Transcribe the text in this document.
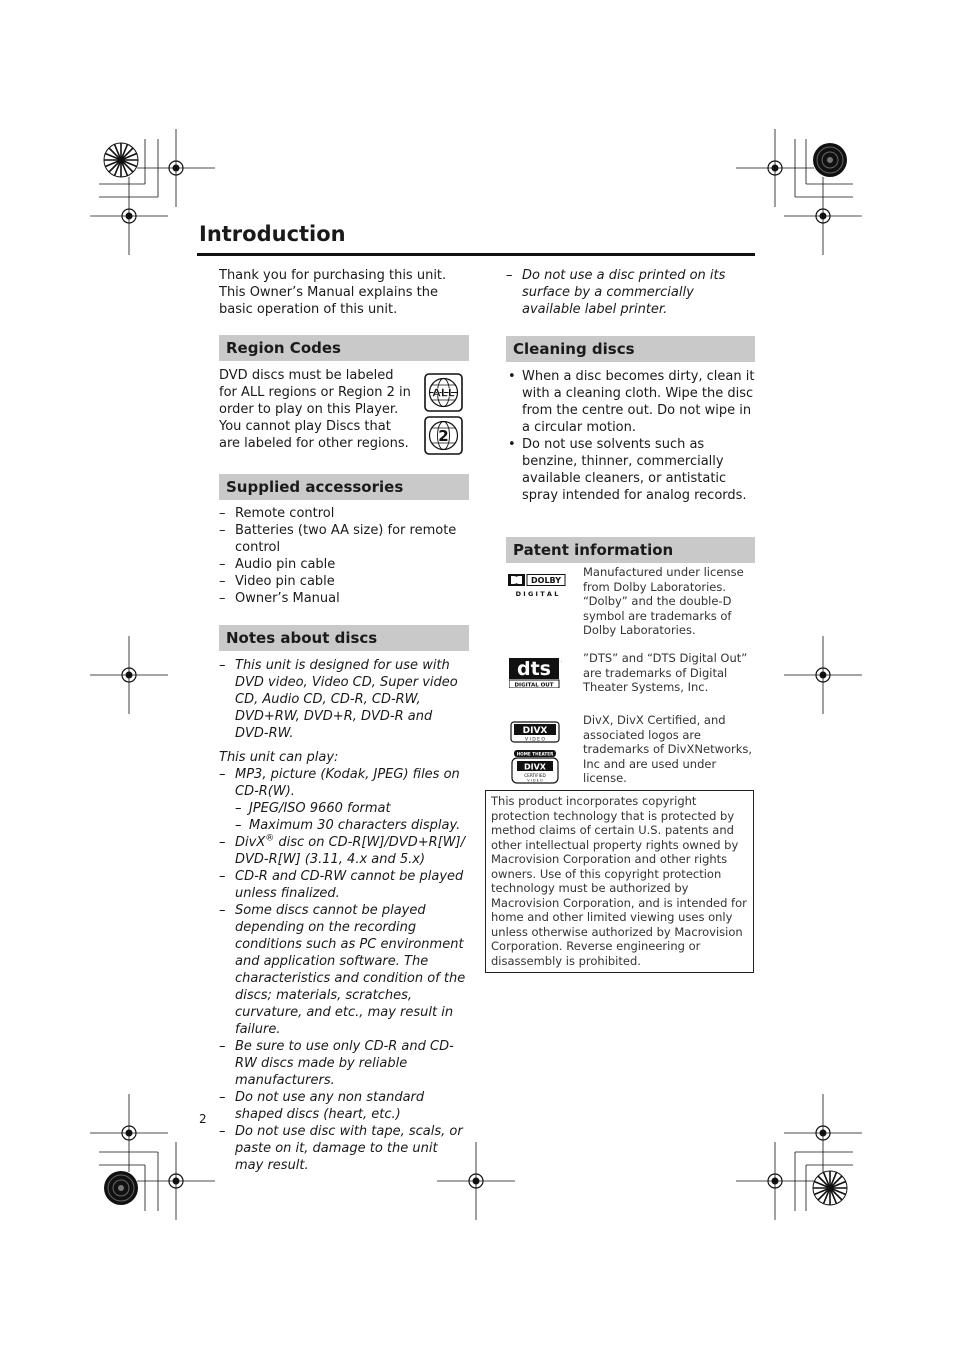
Introduction

Thank you for purchasing this unit. This Owner’s Manual explains the basic operation of this unit.

Region Codes

DVD discs must be labeled for ALL regions or Region 2 in order to play on this Player. You cannot play Discs that are labeled for other regions.

ALL
2
Supplied accessories
– Remote control
– Batteries (two AA size) for remote control
– Audio pin cable
– Video pin cable
– Owner’s Manual
Notes about discs
– This unit is designed for use with DVD video, Video CD, Super video CD, Audio CD, CD-R, CD-RW, DVD+RW, DVD+R, DVD-R and DVD-RW.

This unit can play:

– MP3, picture (Kodak, JPEG) files on CD-R(W).
– JPEG/ISO 9660 format
– Maximum 30 characters display.
– DivX® disc on CD-R[W]/DVD+R[W]/ DVD-R[W] (3.11, 4.x and 5.x)
– CD-R and CD-RW cannot be played unless finalized.
– Some discs cannot be played depending on the recording conditions such as PC environment and application software. The characteristics and condition of the discs; materials, scratches, curvature, and etc., may result in failure.
– Be sure to use only CD-R and CD-RW discs made by reliable manufacturers.
– Do not use any non standard shaped discs (heart, etc.)
– Do not use disc with tape, scals, or paste on it, damage to the unit may result.
– Do not use a disc printed on its surface by a commercially available label printer.
Cleaning discs
• When a disc becomes dirty, clean it with a cleaning cloth. Wipe the disc from the centre out. Do not wipe in a circular motion.
• Do not use solvents such as benzine, thinner, commercially available cleaners, or antistatic spray intended for analog records.
Patent information
DOLBY
D I G I T A L

Manufactured under license from Dolby Laboratories. “Dolby” and the double-D symbol are trademarks of Dolby Laboratories.

dts
DIGITAL OUT
· ”DTS” and “DTS Digital Out” are trademarks of Digital Theater Systems, Inc.

DIVX
V I D E O
HOME THEATER
DIVX
CERTIFIED
V I D E O

DivX, DivX Certified, and associated logos are trademarks of DivXNetworks, Inc and are used under license.

This product incorporates copyright protection technology that is protected by method claims of certain U.S. patents and other intellectual property rights owned by Macrovision Corporation and other rights owners. Use of this copyright protection technology must be authorized by Macrovision Corporation, and is intended for home and other limited viewing uses only unless otherwise authorized by Macrovision Corporation. Reverse engineering or disassembly is prohibited.
2
